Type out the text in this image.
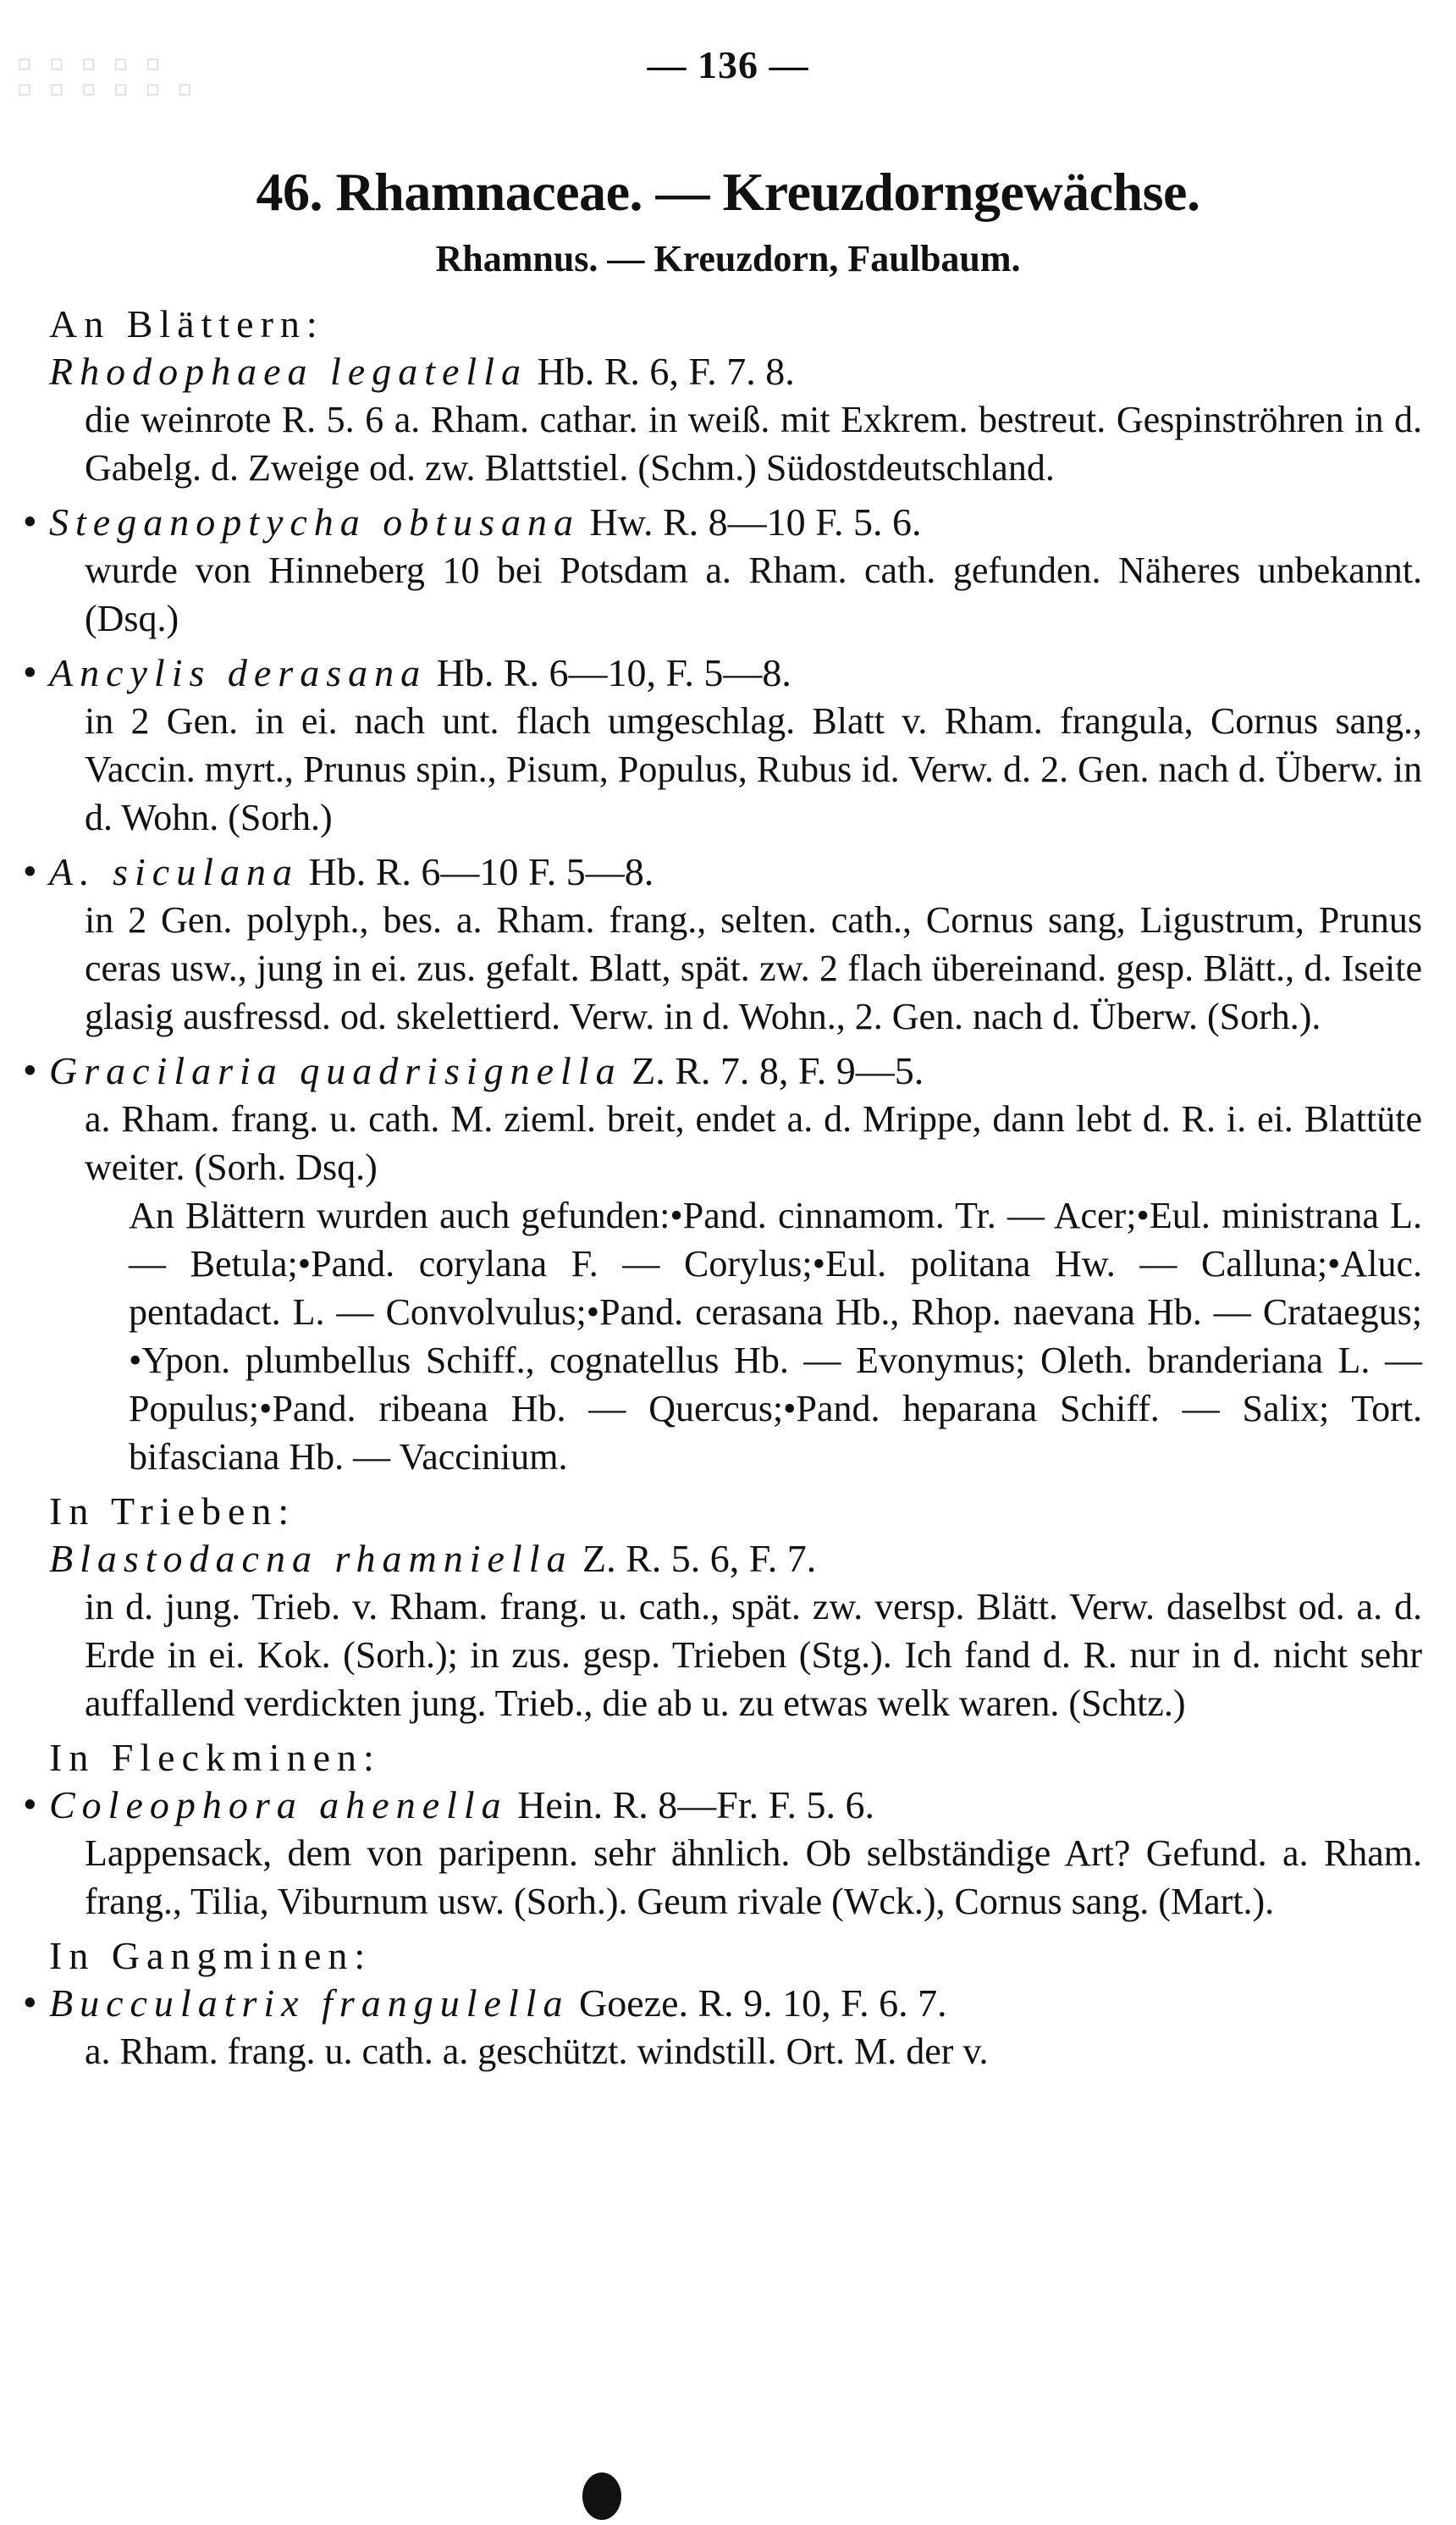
▫ ▫ ▫ ▫ ▫
▫ ▫ ▫ ▫ ▫ ▫
— 136 —
46. Rhamnaceae. — Kreuzdorngewächse.
Rhamnus. — Kreuzdorn, Faulbaum.
An Blättern:
Rhodophaea legatella Hb. R. 6, F. 7. 8.
die weinrote R. 5. 6 a. Rham. cathar. in weiß. mit Exkrem. bestreut. Gespinströhren in d. Gabelg. d. Zweige od. zw. Blattstiel. (Schm.) Südostdeutschland.
• Steganoptycha obtusana Hw. R. 8—10 F. 5. 6.
wurde von Hinneberg 10 bei Potsdam a. Rham. cath. gefunden. Näheres unbekannt. (Dsq.)
• Ancylis derasana Hb. R. 6—10, F. 5—8.
in 2 Gen. in ei. nach unt. flach umgeschlag. Blatt v. Rham. frangula, Cornus sang., Vaccin. myrt., Prunus spin., Pisum, Populus, Rubus id. Verw. d. 2. Gen. nach d. Überw. in d. Wohn. (Sorh.)
• A. siculana Hb. R. 6—10 F. 5—8.
in 2 Gen. polyph., bes. a. Rham. frang., selten. cath., Cornus sang, Ligustrum, Prunus ceras usw., jung in ei. zus. gefalt. Blatt, spät. zw. 2 flach übereinand. gesp. Blätt., d. Iseite glasig ausfressd. od. skelettierd. Verw. in d. Wohn., 2. Gen. nach d. Überw. (Sorh.).
• Gracilaria quadrisignella Z. R. 7. 8, F. 9—5.
a. Rham. frang. u. cath. M. zieml. breit, endet a. d. Mrippe, dann lebt d. R. i. ei. Blattüte weiter. (Sorh. Dsq.)
An Blättern wurden auch gefunden:•Pand. cinnamom. Tr. — Acer;•Eul. ministrana L. — Betula;•Pand. corylana F. — Corylus;•Eul. politana Hw. — Calluna;•Aluc. pentadact. L. — Convolvulus;•Pand. cerasana Hb., Rhop. naevana Hb. — Crataegus; •Ypon. plumbellus Schiff., cognatellus Hb. — Evonymus; Oleth. branderiana L. — Populus;•Pand. ribeana Hb. — Quercus;•Pand. heparana Schiff. — Salix; Tort. bifasciana Hb. — Vaccinium.
In Trieben:
Blastodacna rhamniella Z. R. 5. 6, F. 7.
in d. jung. Trieb. v. Rham. frang. u. cath., spät. zw. versp. Blätt. Verw. daselbst od. a. d. Erde in ei. Kok. (Sorh.); in zus. gesp. Trieben (Stg.). Ich fand d. R. nur in d. nicht sehr auffallend verdickten jung. Trieb., die ab u. zu etwas welk waren. (Schtz.)
In Fleckminen:
• Coleophora ahenella Hein. R. 8—Fr. F. 5. 6.
Lappensack, dem von paripenn. sehr ähnlich. Ob selbständige Art? Gefund. a. Rham. frang., Tilia, Viburnum usw. (Sorh.). Geum rivale (Wck.), Cornus sang. (Mart.).
In Gangminen:
• Bucculatrix frangulella Goeze. R. 9. 10, F. 6. 7.
a. Rham. frang. u. cath. a. geschützt. windstill. Ort. M. der v.
